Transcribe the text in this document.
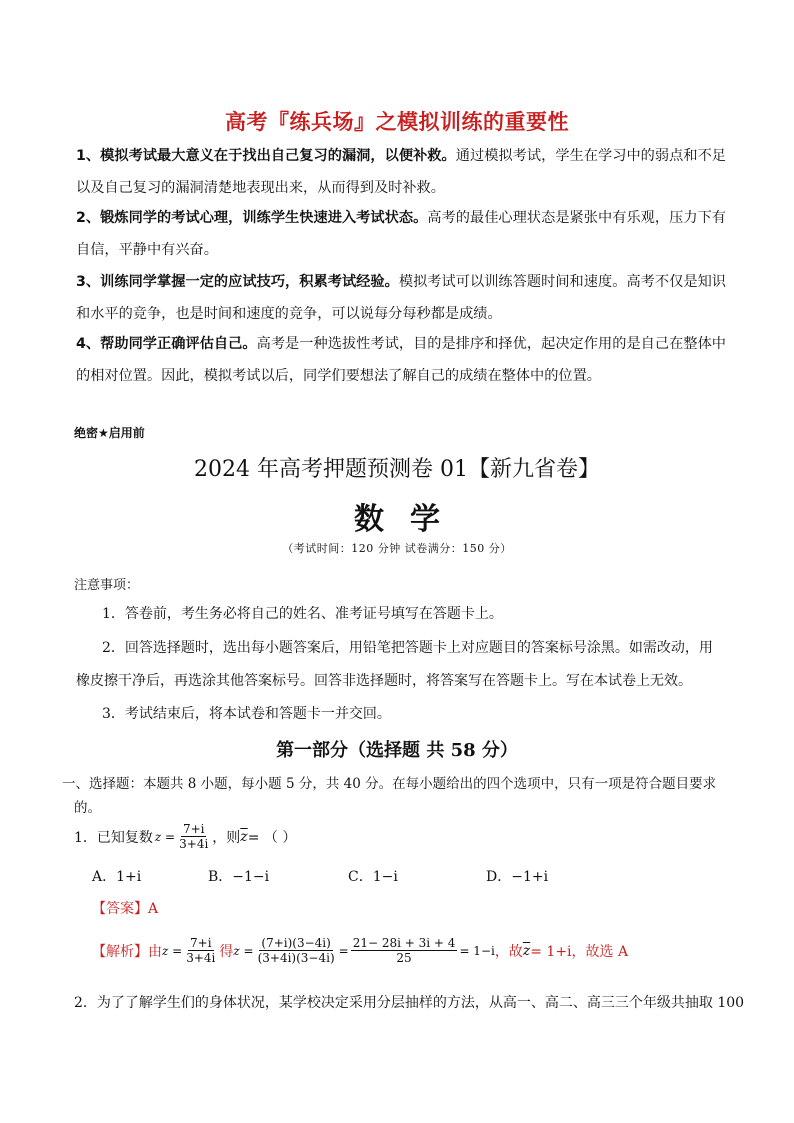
高考『练兵场』之模拟训练的重要性
1、模拟考试最大意义在于找出自己复习的漏洞，以便补救。通过模拟考试，学生在学习中的弱点和不足以及自己复习的漏洞清楚地表现出来，从而得到及时补救。
2、锻炼同学的考试心理，训练学生快速进入考试状态。高考的最佳心理状态是紧张中有乐观，压力下有自信，平静中有兴奋。
3、训练同学掌握一定的应试技巧，积累考试经验。模拟考试可以训练答题时间和速度。高考不仅是知识和水平的竞争，也是时间和速度的竞争，可以说每分每秒都是成绩。
4、帮助同学正确评估自己。高考是一种选拔性考试，目的是排序和择优，起决定作用的是自己在整体中的相对位置。因此，模拟考试以后，同学们要想法了解自己的成绩在整体中的位置。
绝密★启用前
2024 年高考押题预测卷 01【新九省卷】
数学
（考试时间：120 分钟 试卷满分：150 分）
注意事项：
1．答卷前，考生务必将自己的姓名、准考证号填写在答题卡上。
2．回答选择题时，选出每小题答案后，用铅笔把答题卡上对应题目的答案标号涂黑。如需改动，用橡皮擦干净后，再选涂其他答案标号。回答非选择题时，将答案写在答题卡上。写在本试卷上无效。
3．考试结束后，将本试卷和答题卡一并交回。
第一部分（选择题 共 58 分）
一、选择题：本题共 8 小题，每小题 5 分，共 40 分。在每小题给出的四个选项中，只有一项是符合题目要求的。
1．已知复数 $z = \frac{7+i}{3+4i}$ ，则 $\overline{z}$ = （ ）
A．1+i	B．−1−i	C．1−i	D．−1+i
【答案】A
【解析】 由 $z = \frac{7+i}{3+4i}$ 得 $z = \frac{(7+i)(3-4i)}{(3+4i)(3-4i)} = \frac{21- 28i + 3i + 4}{25} = 1-i$ ，故 $\overline{z} = 1+i$，故选 A
2．为了了解学生们的身体状况，某学校决定采用分层抽样的方法，从高一、高二、高三三个年级共抽取 100
